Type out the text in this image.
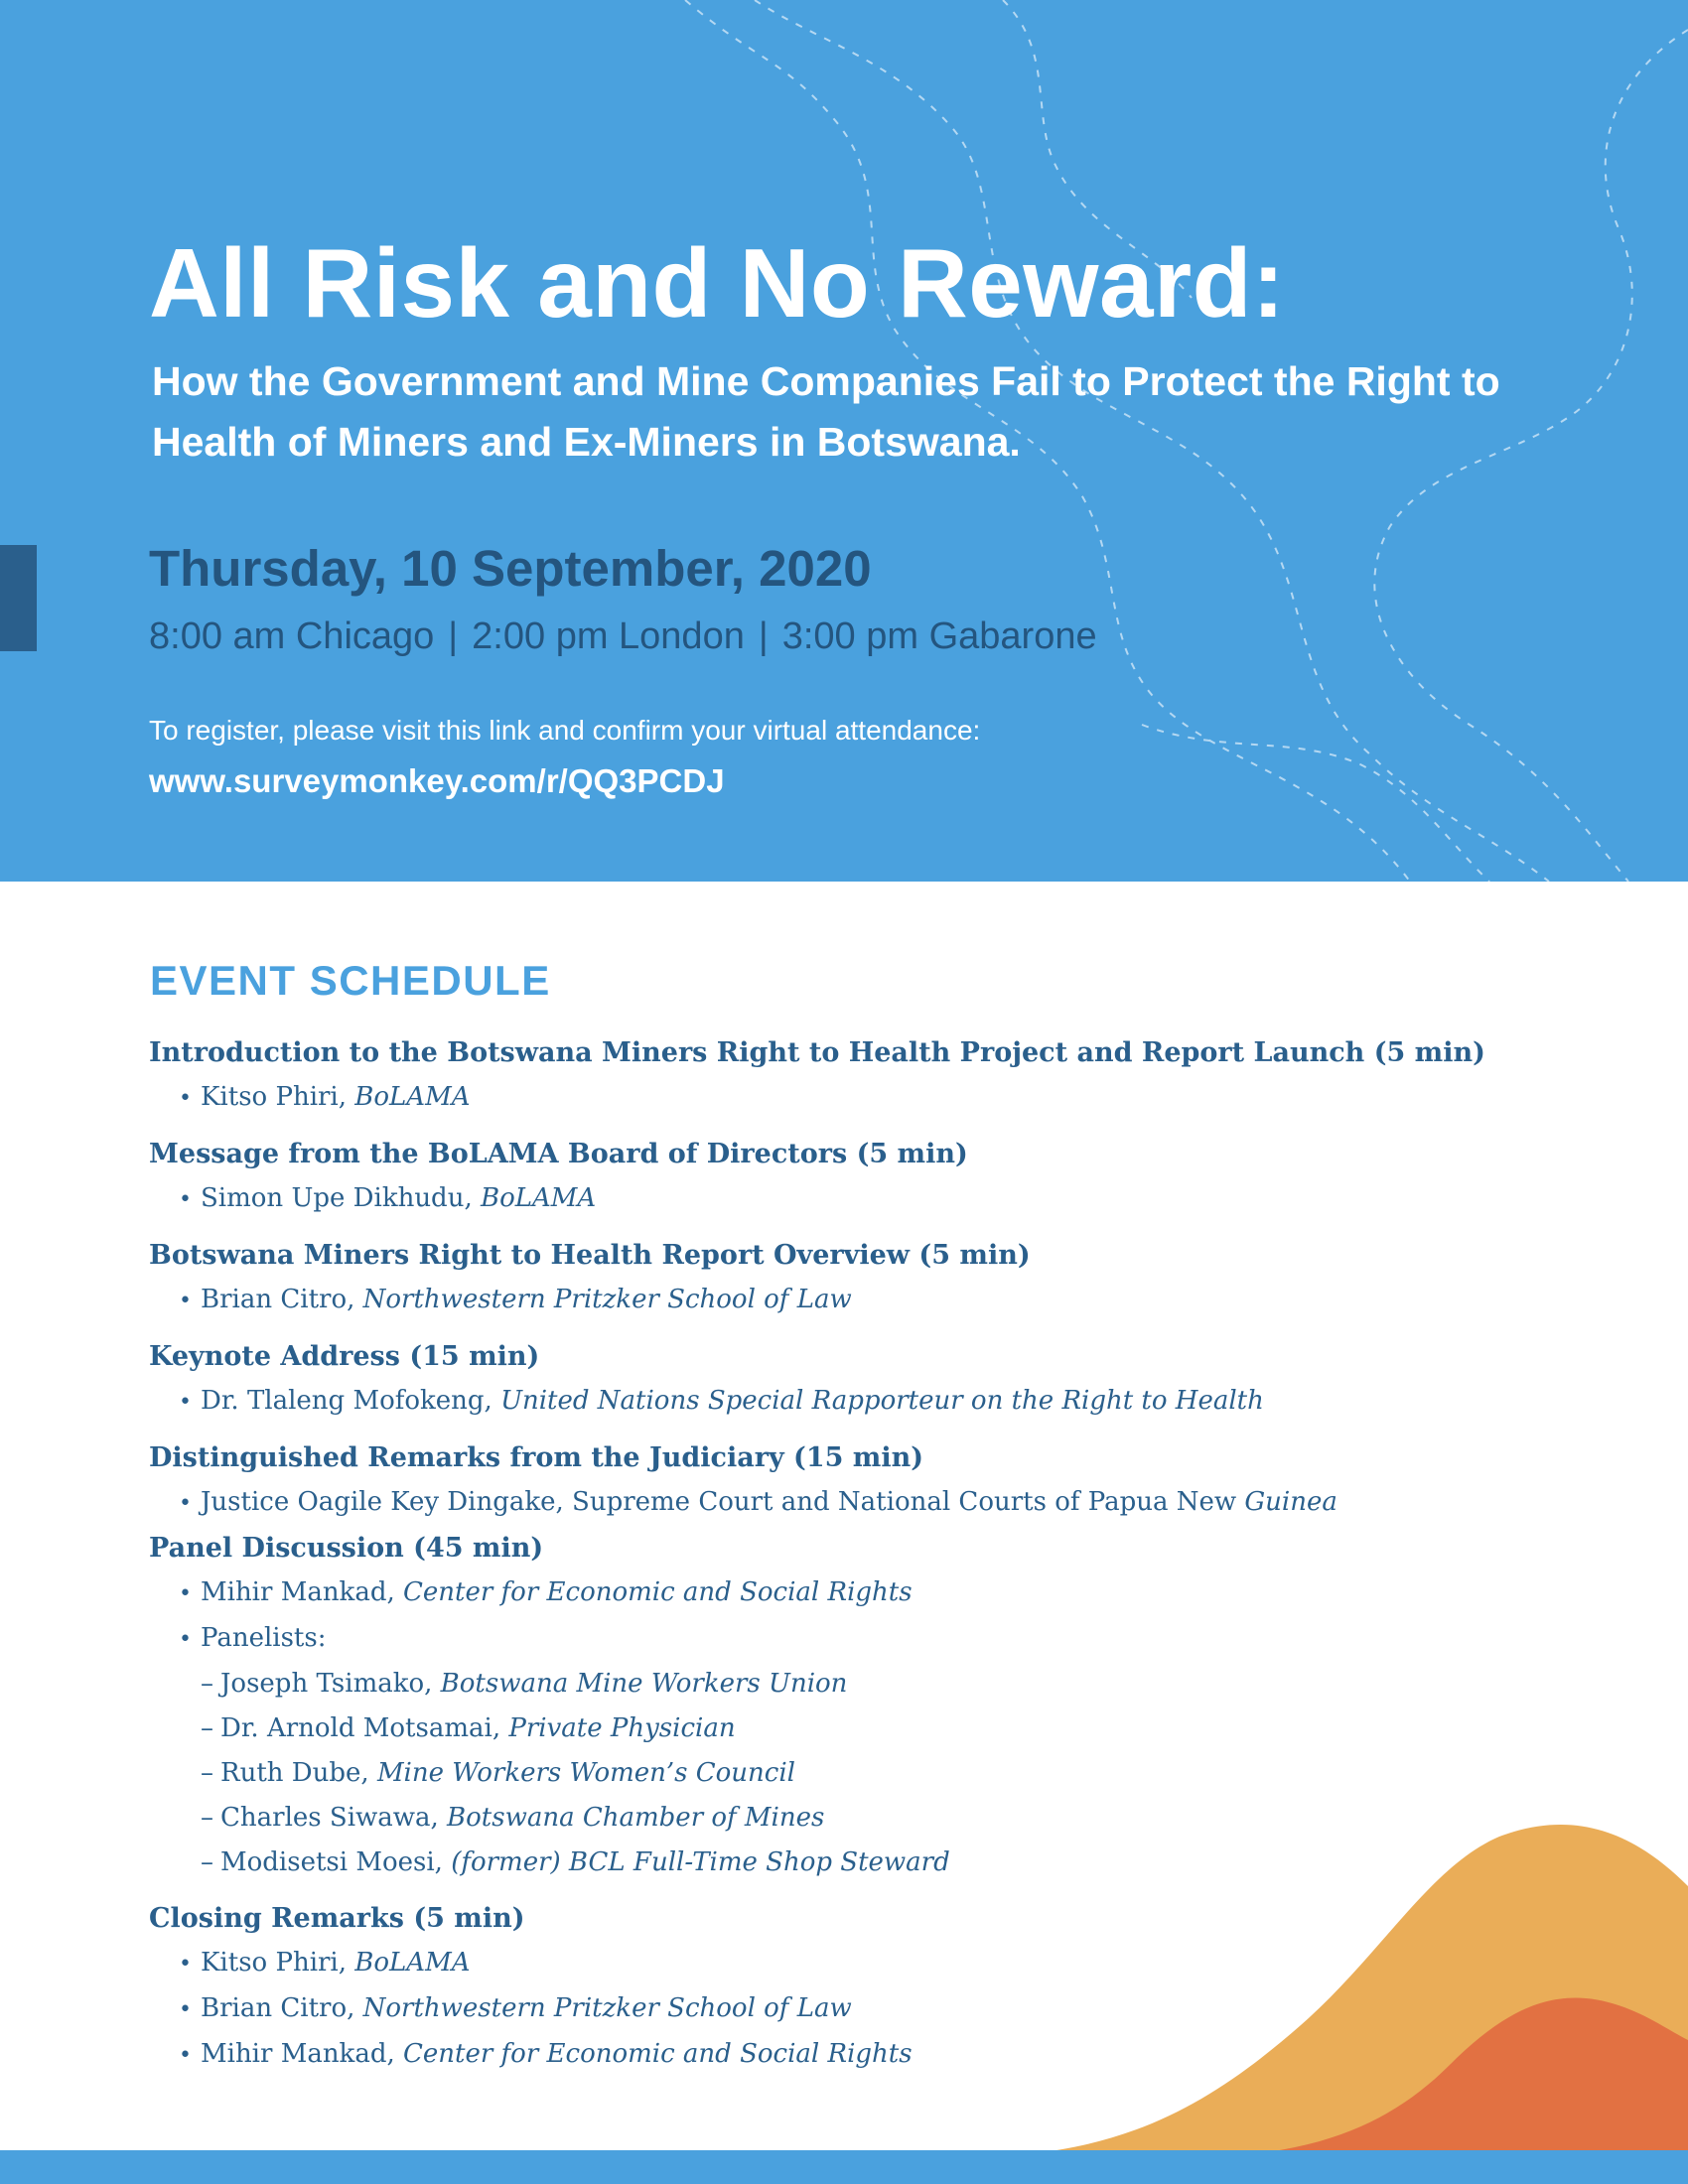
All Risk and No Reward:

How the Government and Mine Companies Fail to Protect the Right to Health of Miners and Ex-Miners in Botswana.

Thursday, 10 September, 2020

8:00 am Chicago | 2:00 pm London | 3:00 pm Gabarone

To register, please visit this link and confirm your virtual attendance:

www.surveymonkey.com/r/QQ3PCDJ

EVENT SCHEDULE

Introduction to the Botswana Miners Right to Health Project and Report Launch (5 min)

• Kitso Phiri, BoLAMA

Message from the BoLAMA Board of Directors (5 min)

• Simon Upe Dikhudu, BoLAMA

Botswana Miners Right to Health Report Overview (5 min)

• Brian Citro, Northwestern Pritzker School of Law

Keynote Address (15 min)

• Dr. Tlaleng Mofokeng, United Nations Special Rapporteur on the Right to Health

Distinguished Remarks from the Judiciary (15 min)

• Justice Oagile Key Dingake, Supreme Court and National Courts of Papua New Guinea

Panel Discussion (45 min)

• Mihir Mankad, Center for Economic and Social Rights

• Panelists:

– Joseph Tsimako, Botswana Mine Workers Union

– Dr. Arnold Motsamai, Private Physician

– Ruth Dube, Mine Workers Women’s Council

– Charles Siwawa, Botswana Chamber of Mines

– Modisetsi Moesi, (former) BCL Full-Time Shop Steward

Closing Remarks (5 min)

• Kitso Phiri, BoLAMA

• Brian Citro, Northwestern Pritzker School of Law

• Mihir Mankad, Center for Economic and Social Rights
